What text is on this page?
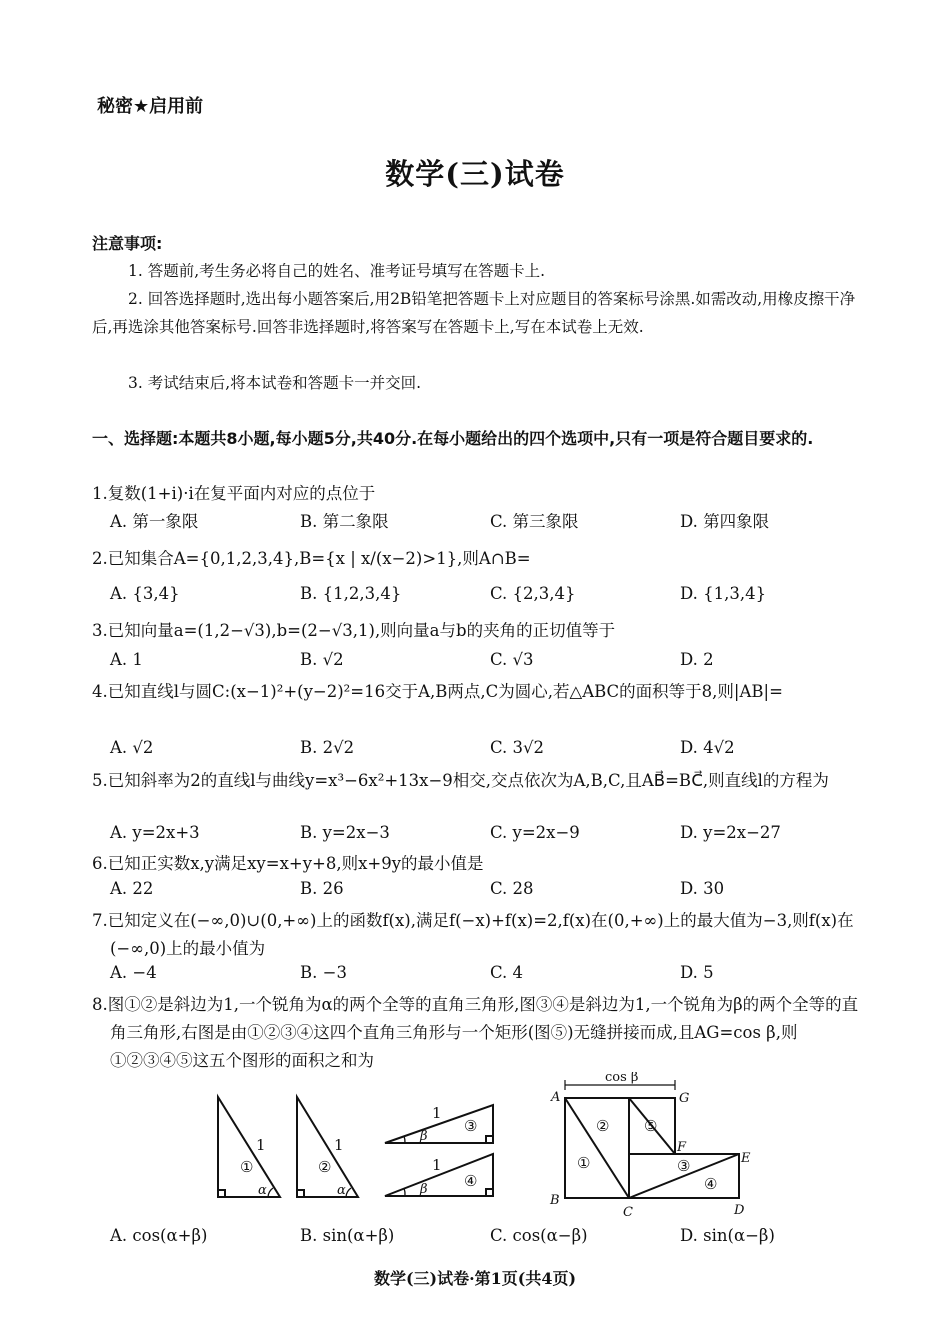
秘密★启用前
数学(三)试卷
注意事项:
1. 答题前,考生务必将自己的姓名、准考证号填写在答题卡上.
2. 回答选择题时,选出每小题答案后,用2B铅笔把答题卡上对应题目的答案标号涂黑.如需改动,用橡皮擦干净后,再选涂其他答案标号.回答非选择题时,将答案写在答题卡上,写在本试卷上无效.
3. 考试结束后,将本试卷和答题卡一并交回.
一、选择题:本题共8小题,每小题5分,共40分.在每小题给出的四个选项中,只有一项是符合题目要求的.
1.复数(1+i)·i在复平面内对应的点位于
A. 第一象限	B. 第二象限	C. 第三象限	D. 第四象限
2.已知集合A={0,1,2,3,4},B={x | x/(x−2)>1},则A∩B=
A. {3,4}	B. {1,2,3,4}	C. {2,3,4}	D. {1,3,4}
3.已知向量a=(1,2−√3),b=(2−√3,1),则向量a与b的夹角的正切值等于
A. 1	B. √2	C. √3	D. 2
4.已知直线l与圆C:(x−1)²+(y−2)²=16交于A,B两点,C为圆心,若△ABC的面积等于8,则|AB|=
A. √2	B. 2√2	C. 3√2	D. 4√2
5.已知斜率为2的直线l与曲线y=x³−6x²+13x−9相交,交点依次为A,B,C,且AB⃗=BC⃗,则直线l的方程为
A. y=2x+3	B. y=2x−3	C. y=2x−9	D. y=2x−27
6.已知正实数x,y满足xy=x+y+8,则x+9y的最小值是
A. 22	B. 26	C. 28	D. 30
7.已知定义在(−∞,0)∪(0,+∞)上的函数f(x),满足f(−x)+f(x)=2,f(x)在(0,+∞)上的最大值为−3,则f(x)在(−∞,0)上的最小值为
A. −4	B. −3	C. 4	D. 5
8.图①②是斜边为1,一个锐角为α的两个全等的直角三角形,图③④是斜边为1,一个锐角为β的两个全等的直角三角形,右图是由①②③④这四个直角三角形与一个矩形(图⑤)无缝拼接而成,且AG=cos β,则①②③④⑤这五个图形的面积之和为
①
1
α
②
1
α
1
β
③
1
β ④
cos β
A
B
C	D
E
F
G
②
①
⑤
③
④
A. cos(α+β)	B. sin(α+β)	C. cos(α−β)	D. sin(α−β)
数学(三)试卷·第1页(共4页)
